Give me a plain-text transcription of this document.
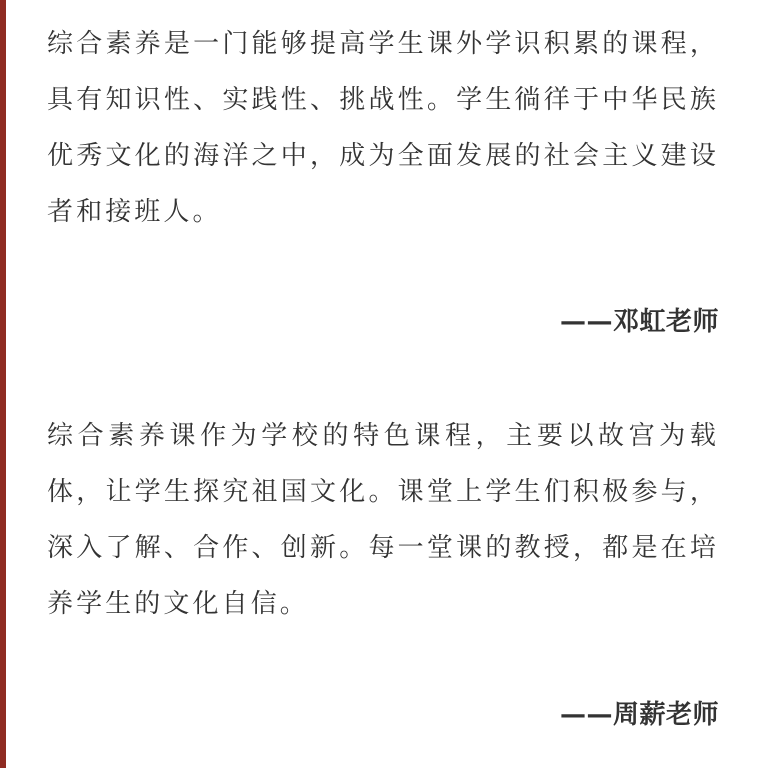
综合素养是一门能够提高学生课外学识积累的课程，具有知识性、实践性、挑战性。学生徜徉于中华民族优秀文化的海洋之中，成为全面发展的社会主义建设者和接班人。

——邓虹老师

综合素养课作为学校的特色课程，主要以故宫为载体，让学生探究祖国文化。课堂上学生们积极参与，深入了解、合作、创新。每一堂课的教授，都是在培养学生的文化自信。

——周薪老师
